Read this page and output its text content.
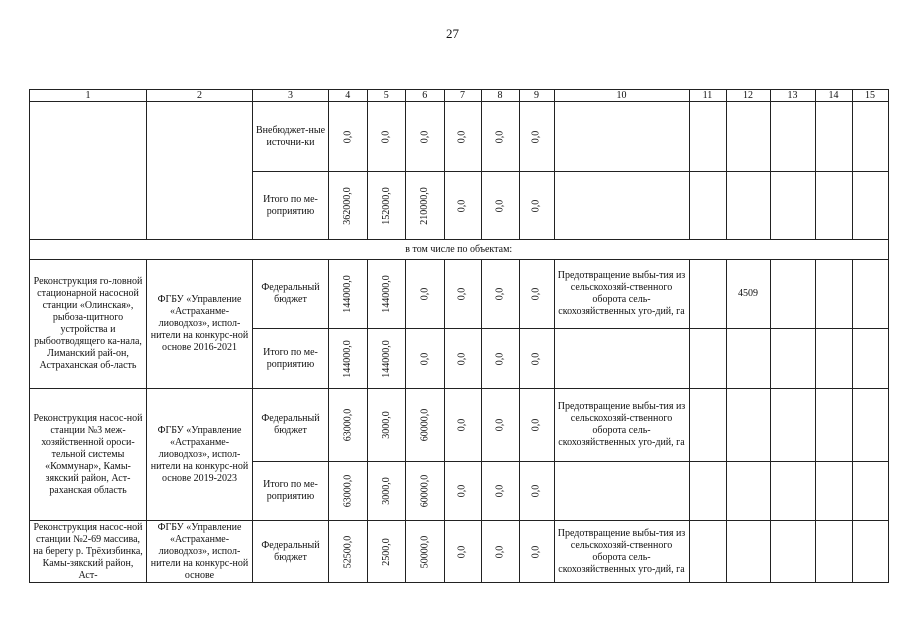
27
1	2	3	4	5	6	7	8	9	10	11	12	13	14	15

		Внебюджет-ные источни-ки	0,0	0,0	0,0	0,0	0,0	0,0	

		Итого по ме-роприятию	362000,0	152000,0	210000,0	0,0	0,0	0,0	

в том числе по объектам:														

Реконструкция го-ловной стационарной насосной станции «Олинская», рыбоза-щитного устройства и рыбоотводящего ка-нала, Лиманский рай-он, Астраханская об-ласть	ФГБУ «Управление «Астраханме-лиоводхоз», испол-нители на конкурс-ной основе 2016-2021	Федеральный бюджет	144000,0	144000,0	0,0	0,0	0,0	0,0	Предотвращение выбы-тия из сельскохозяй-ственного оборота сель-скохозяйственных уго-дий, га		4509			

		Итого по ме-роприятию	144000,0	144000,0	0,0	0,0	0,0	0,0	

Реконструкция насос-ной станции №3 меж-хозяйственной ороси-тельной системы «Коммунар», Камы-зякский район, Аст-раханская область	ФГБУ «Управление «Астраханме-лиоводхоз», испол-нители на конкурс-ной основе 2019-2023	Федеральный бюджет	63000,0	3000,0	60000,0	0,0	0,0	0,0	Предотвращение выбы-тия из сельскохозяй-ственного оборота сель-скохозяйственных уго-дий, га					

		Итого по ме-роприятию	63000,0	3000,0	60000,0	0,0	0,0	0,0	

Реконструкция насос-ной станции №2-69 массива, на берегу р. Трёхизбинка, Камы-зякский район, Аст-	ФГБУ «Управление «Астраханме-лиоводхоз», испол-нители на конкурс-ной основе	Федеральный бюджет	52500,0	2500,0	50000,0	0,0	0,0	0,0	Предотвращение выбы-тия из сельскохозяй-ственного оборота сель-скохозяйственных уго-дий, га					
